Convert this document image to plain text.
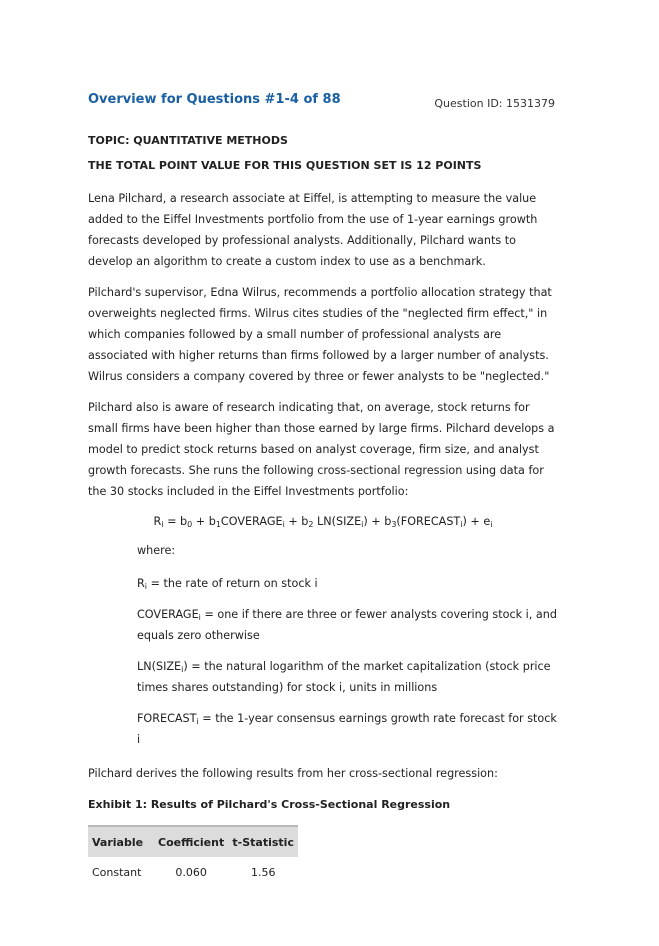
Overview for Questions #1-4 of 88	Question ID: 1531379

TOPIC: QUANTITATIVE METHODS

THE TOTAL POINT VALUE FOR THIS QUESTION SET IS 12 POINTS

Lena Pilchard, a research associate at Eiffel, is attempting to measure the value added to the Eiffel Investments portfolio from the use of 1-year earnings growth forecasts developed by professional analysts. Additionally, Pilchard wants to develop an algorithm to create a custom index to use as a benchmark.

Pilchard's supervisor, Edna Wilrus, recommends a portfolio allocation strategy that overweights neglected firms. Wilrus cites studies of the "neglected firm effect," in which companies followed by a small number of professional analysts are associated with higher returns than firms followed by a larger number of analysts. Wilrus considers a company covered by three or fewer analysts to be "neglected."

Pilchard also is aware of research indicating that, on average, stock returns for small firms have been higher than those earned by large firms. Pilchard develops a model to predict stock returns based on analyst coverage, firm size, and analyst growth forecasts. She runs the following cross-sectional regression using data for the 30 stocks included in the Eiffel Investments portfolio:

$R_i = b_0$ + $b_1COVERAGE_i + b_2$ $LN(SIZE_i)$ + $b_3(FORECAST_i) + e_i$

where:

$R_i$ = the rate of return on stock i

$COVERAGE_i$ = one if there are three or fewer analysts covering stock i, and equals zero otherwise

$LN(SIZE_i)$ = the natural logarithm of the market capitalization (stock price times shares outstanding) for stock i, units in millions

$FORECAST_i$ = the 1-year consensus earnings growth rate forecast for stock i

Pilchard derives the following results from her cross-sectional regression:

Exhibit 1: Results of Pilchard's Cross-Sectional Regression

Variable	Coefficient	t-Statistic
Constant	0.060	1.56
